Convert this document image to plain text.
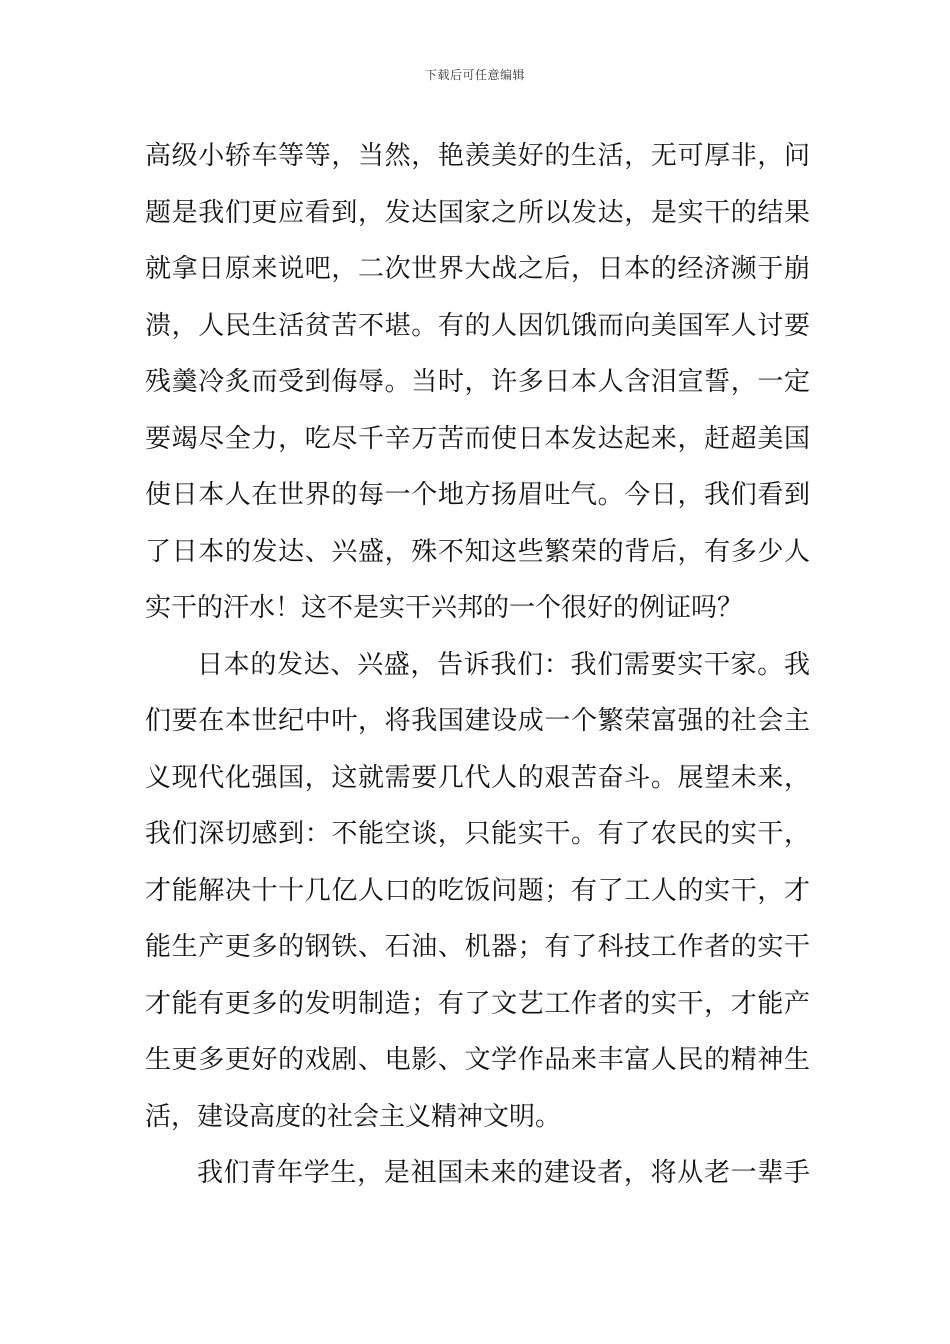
下载后可任意编辑
高级小轿车等等，当然，艳羡美好的生活，无可厚非，问
题是我们更应看到，发达国家之所以发达，是实干的结果
就拿日原来说吧，二次世界大战之后，日本的经济濒于崩
溃，人民生活贫苦不堪。有的人因饥饿而向美国军人讨要
残羹冷炙而受到侮辱。当时，许多日本人含泪宣誓，一定
要竭尽全力，吃尽千辛万苦而使日本发达起来，赶超美国
使日本人在世界的每一个地方扬眉吐气。今日，我们看到
了日本的发达、兴盛，殊不知这些繁荣的背后，有多少人
实干的汗水！这不是实干兴邦的一个很好的例证吗？
日本的发达、兴盛，告诉我们：我们需要实干家。我
们要在本世纪中叶，将我国建设成一个繁荣富强的社会主
义现代化强国，这就需要几代人的艰苦奋斗。展望未来，
我们深切感到：不能空谈，只能实干。有了农民的实干，
才能解决十十几亿人口的吃饭问题；有了工人的实干，才
能生产更多的钢铁、石油、机器；有了科技工作者的实干
才能有更多的发明制造；有了文艺工作者的实干，才能产
生更多更好的戏剧、电影、文学作品来丰富人民的精神生
活，建设高度的社会主义精神文明。
我们青年学生，是祖国未来的建设者，将从老一辈手
